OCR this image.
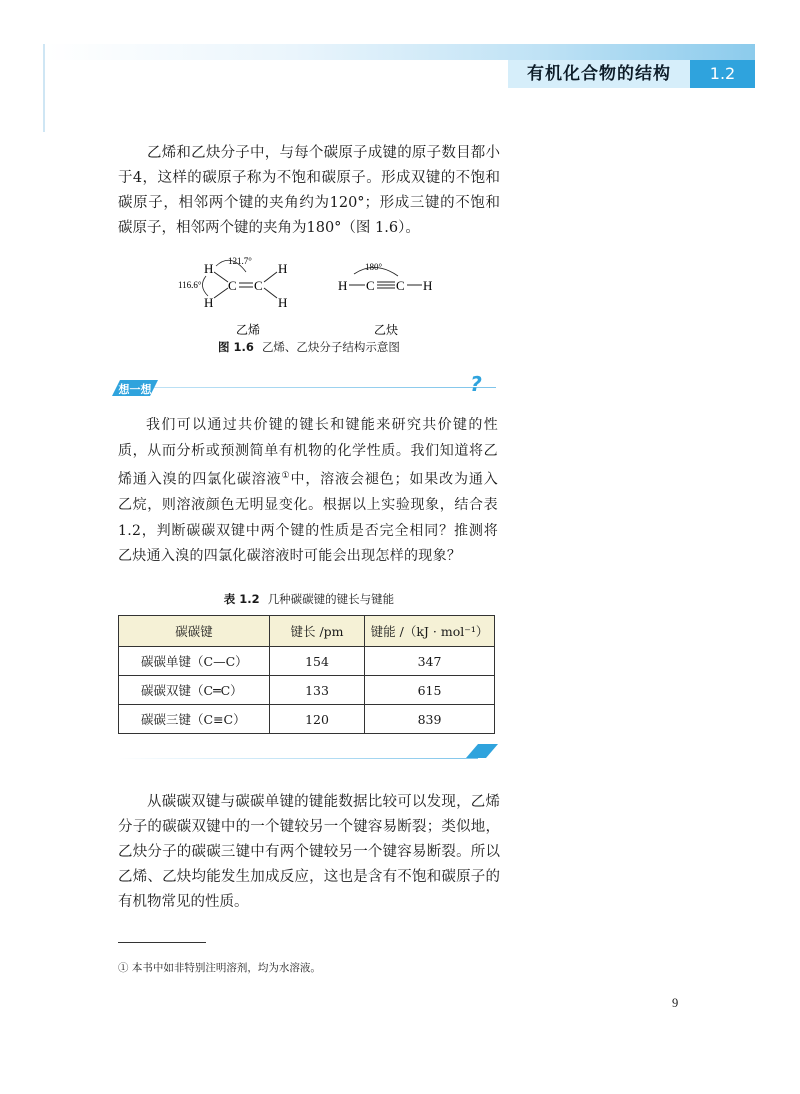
有机化合物的结构	1.2

乙烯和乙炔分子中，与每个碳原子成键的原子数目都小于4，这样的碳原子称为不饱和碳原子。形成双键的不饱和碳原子，相邻两个键的夹角约为120°；形成三键的不饱和碳原子，相邻两个键的夹角为180°（图 1.6）。

121.7°
116.6°
H
H
H
H
C C
乙烯
180°
H C C H
乙炔
图 1.6 乙烯、乙炔分子结构示意图
想一想	?

我们可以通过共价键的键长和键能来研究共价键的性质，从而分析或预测简单有机物的化学性质。我们知道将乙烯通入溴的四氯化碳溶液①中，溶液会褪色；如果改为通入乙烷，则溶液颜色无明显变化。根据以上实验现象，结合表 1.2，判断碳碳双键中两个键的性质是否完全相同？推测将乙炔通入溴的四氯化碳溶液时可能会出现怎样的现象？

表 1.2 几种碳碳键的键长与键能
碳碳键	键长 /pm	键能 /（kJ · mol⁻¹）
碳碳单键（C—C）	154	347
碳碳双键（C═C）	133	615
碳碳三键（C≡C）	120	839

从碳碳双键与碳碳单键的键能数据比较可以发现，乙烯分子的碳碳双键中的一个键较另一个键容易断裂；类似地，乙炔分子的碳碳三键中有两个键较另一个键容易断裂。所以乙烯、乙炔均能发生加成反应，这也是含有不饱和碳原子的有机物常见的性质。

① 本书中如非特别注明溶剂，均为水溶液。
9
